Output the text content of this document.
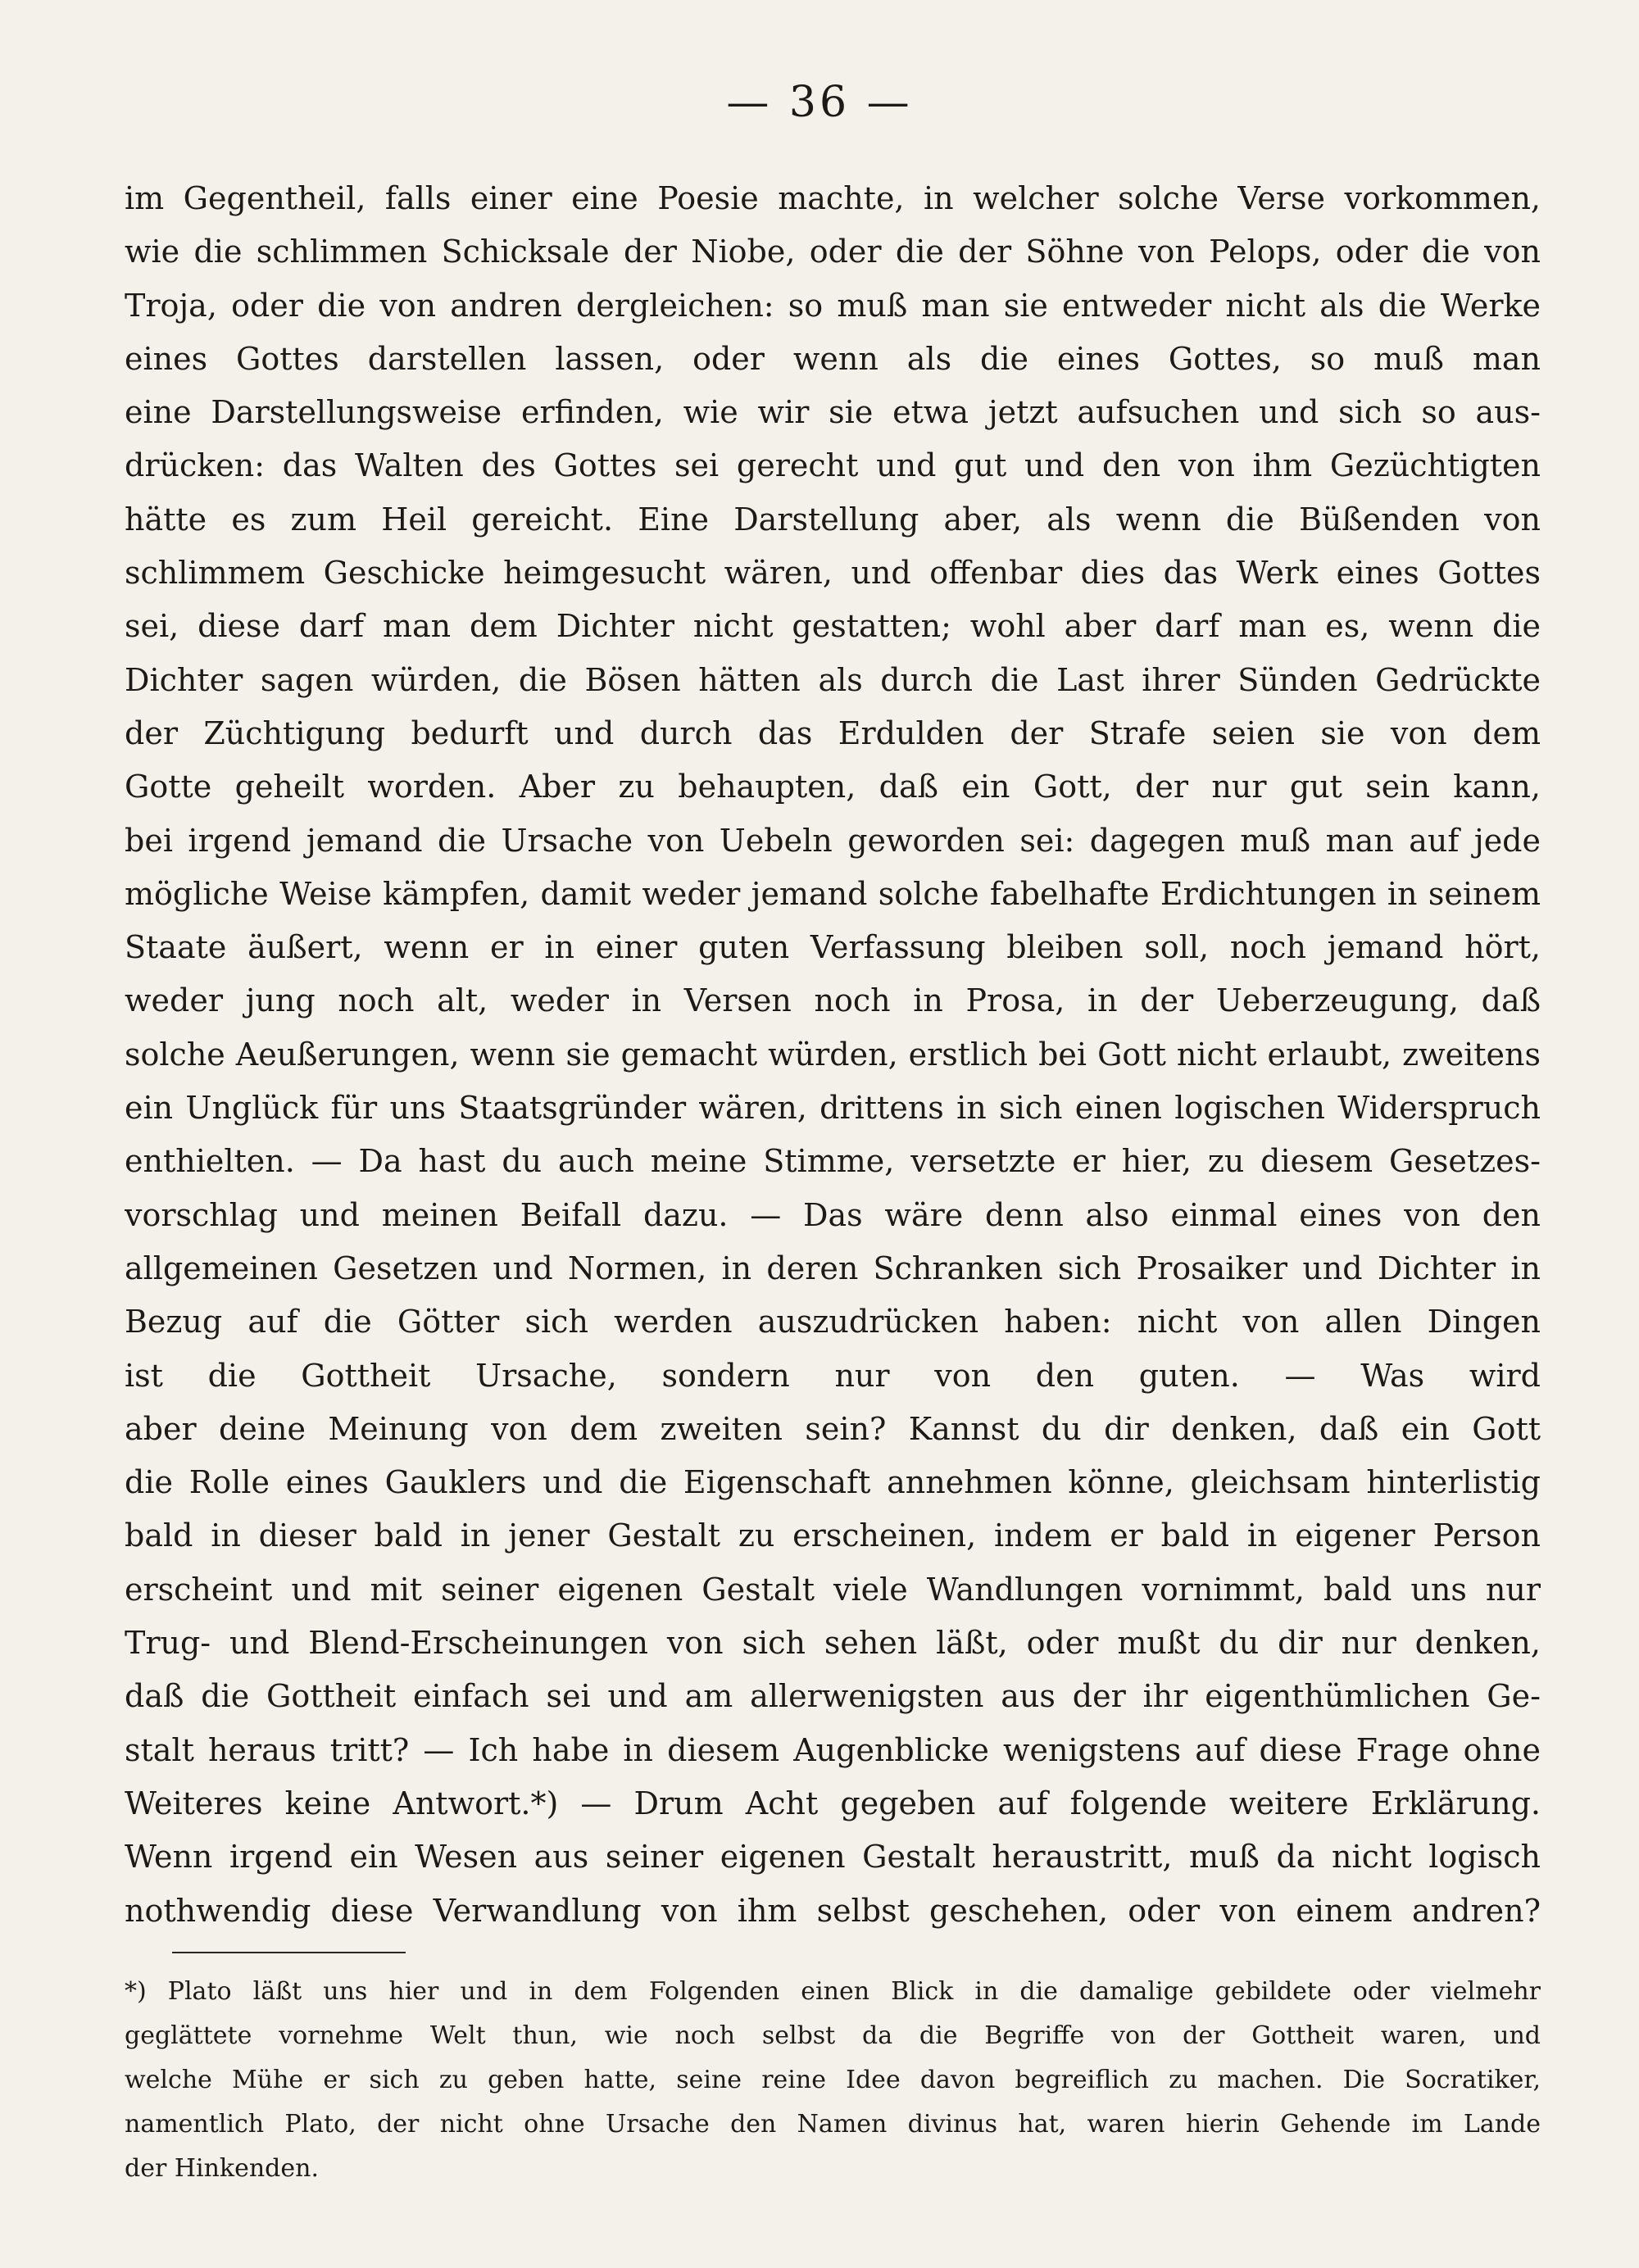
— 36 —
im Gegentheil, falls einer eine Poesie machte, in welcher solche Verse vorkommen,
wie die schlimmen Schicksale der Niobe, oder die der Söhne von Pelops, oder die von
Troja, oder die von andren dergleichen: so muß man sie entweder nicht als die Werke
eines Gottes darstellen lassen, oder wenn als die eines Gottes, so muß man
eine Darstellungsweise erfinden, wie wir sie etwa jetzt aufsuchen und sich so aus-
drücken: das Walten des Gottes sei gerecht und gut und den von ihm Gezüchtigten
hätte es zum Heil gereicht. Eine Darstellung aber, als wenn die Büßenden von
schlimmem Geschicke heimgesucht wären, und offenbar dies das Werk eines Gottes
sei, diese darf man dem Dichter nicht gestatten; wohl aber darf man es, wenn die
Dichter sagen würden, die Bösen hätten als durch die Last ihrer Sünden Gedrückte
der Züchtigung bedurft und durch das Erdulden der Strafe seien sie von dem
Gotte geheilt worden. Aber zu behaupten, daß ein Gott, der nur gut sein kann,
bei irgend jemand die Ursache von Uebeln geworden sei: dagegen muß man auf jede
mögliche Weise kämpfen, damit weder jemand solche fabelhafte Erdichtungen in seinem
Staate äußert, wenn er in einer guten Verfassung bleiben soll, noch jemand hört,
weder jung noch alt, weder in Versen noch in Prosa, in der Ueberzeugung, daß
solche Aeußerungen, wenn sie gemacht würden, erstlich bei Gott nicht erlaubt, zweitens
ein Unglück für uns Staatsgründer wären, drittens in sich einen logischen Widerspruch
enthielten. — Da hast du auch meine Stimme, versetzte er hier, zu diesem Gesetzes-
vorschlag und meinen Beifall dazu. — Das wäre denn also einmal eines von den
allgemeinen Gesetzen und Normen, in deren Schranken sich Prosaiker und Dichter in
Bezug auf die Götter sich werden auszudrücken haben: nicht von allen Dingen
ist die Gottheit Ursache, sondern nur von den guten. — Was wird
aber deine Meinung von dem zweiten sein? Kannst du dir denken, daß ein Gott
die Rolle eines Gauklers und die Eigenschaft annehmen könne, gleichsam hinterlistig
bald in dieser bald in jener Gestalt zu erscheinen, indem er bald in eigener Person
erscheint und mit seiner eigenen Gestalt viele Wandlungen vornimmt, bald uns nur
Trug- und Blend-Erscheinungen von sich sehen läßt, oder mußt du dir nur denken,
daß die Gottheit einfach sei und am allerwenigsten aus der ihr eigenthümlichen Ge-
stalt heraus tritt? — Ich habe in diesem Augenblicke wenigstens auf diese Frage ohne
Weiteres keine Antwort.*) — Drum Acht gegeben auf folgende weitere Erklärung.
Wenn irgend ein Wesen aus seiner eigenen Gestalt heraustritt, muß da nicht logisch
nothwendig diese Verwandlung von ihm selbst geschehen, oder von einem andren?
*) Plato läßt uns hier und in dem Folgenden einen Blick in die damalige gebildete oder vielmehr
geglättete vornehme Welt thun, wie noch selbst da die Begriffe von der Gottheit waren, und
welche Mühe er sich zu geben hatte, seine reine Idee davon begreiflich zu machen. Die Socratiker,
namentlich Plato, der nicht ohne Ursache den Namen divinus hat, waren hierin Gehende im Lande
der Hinkenden.
